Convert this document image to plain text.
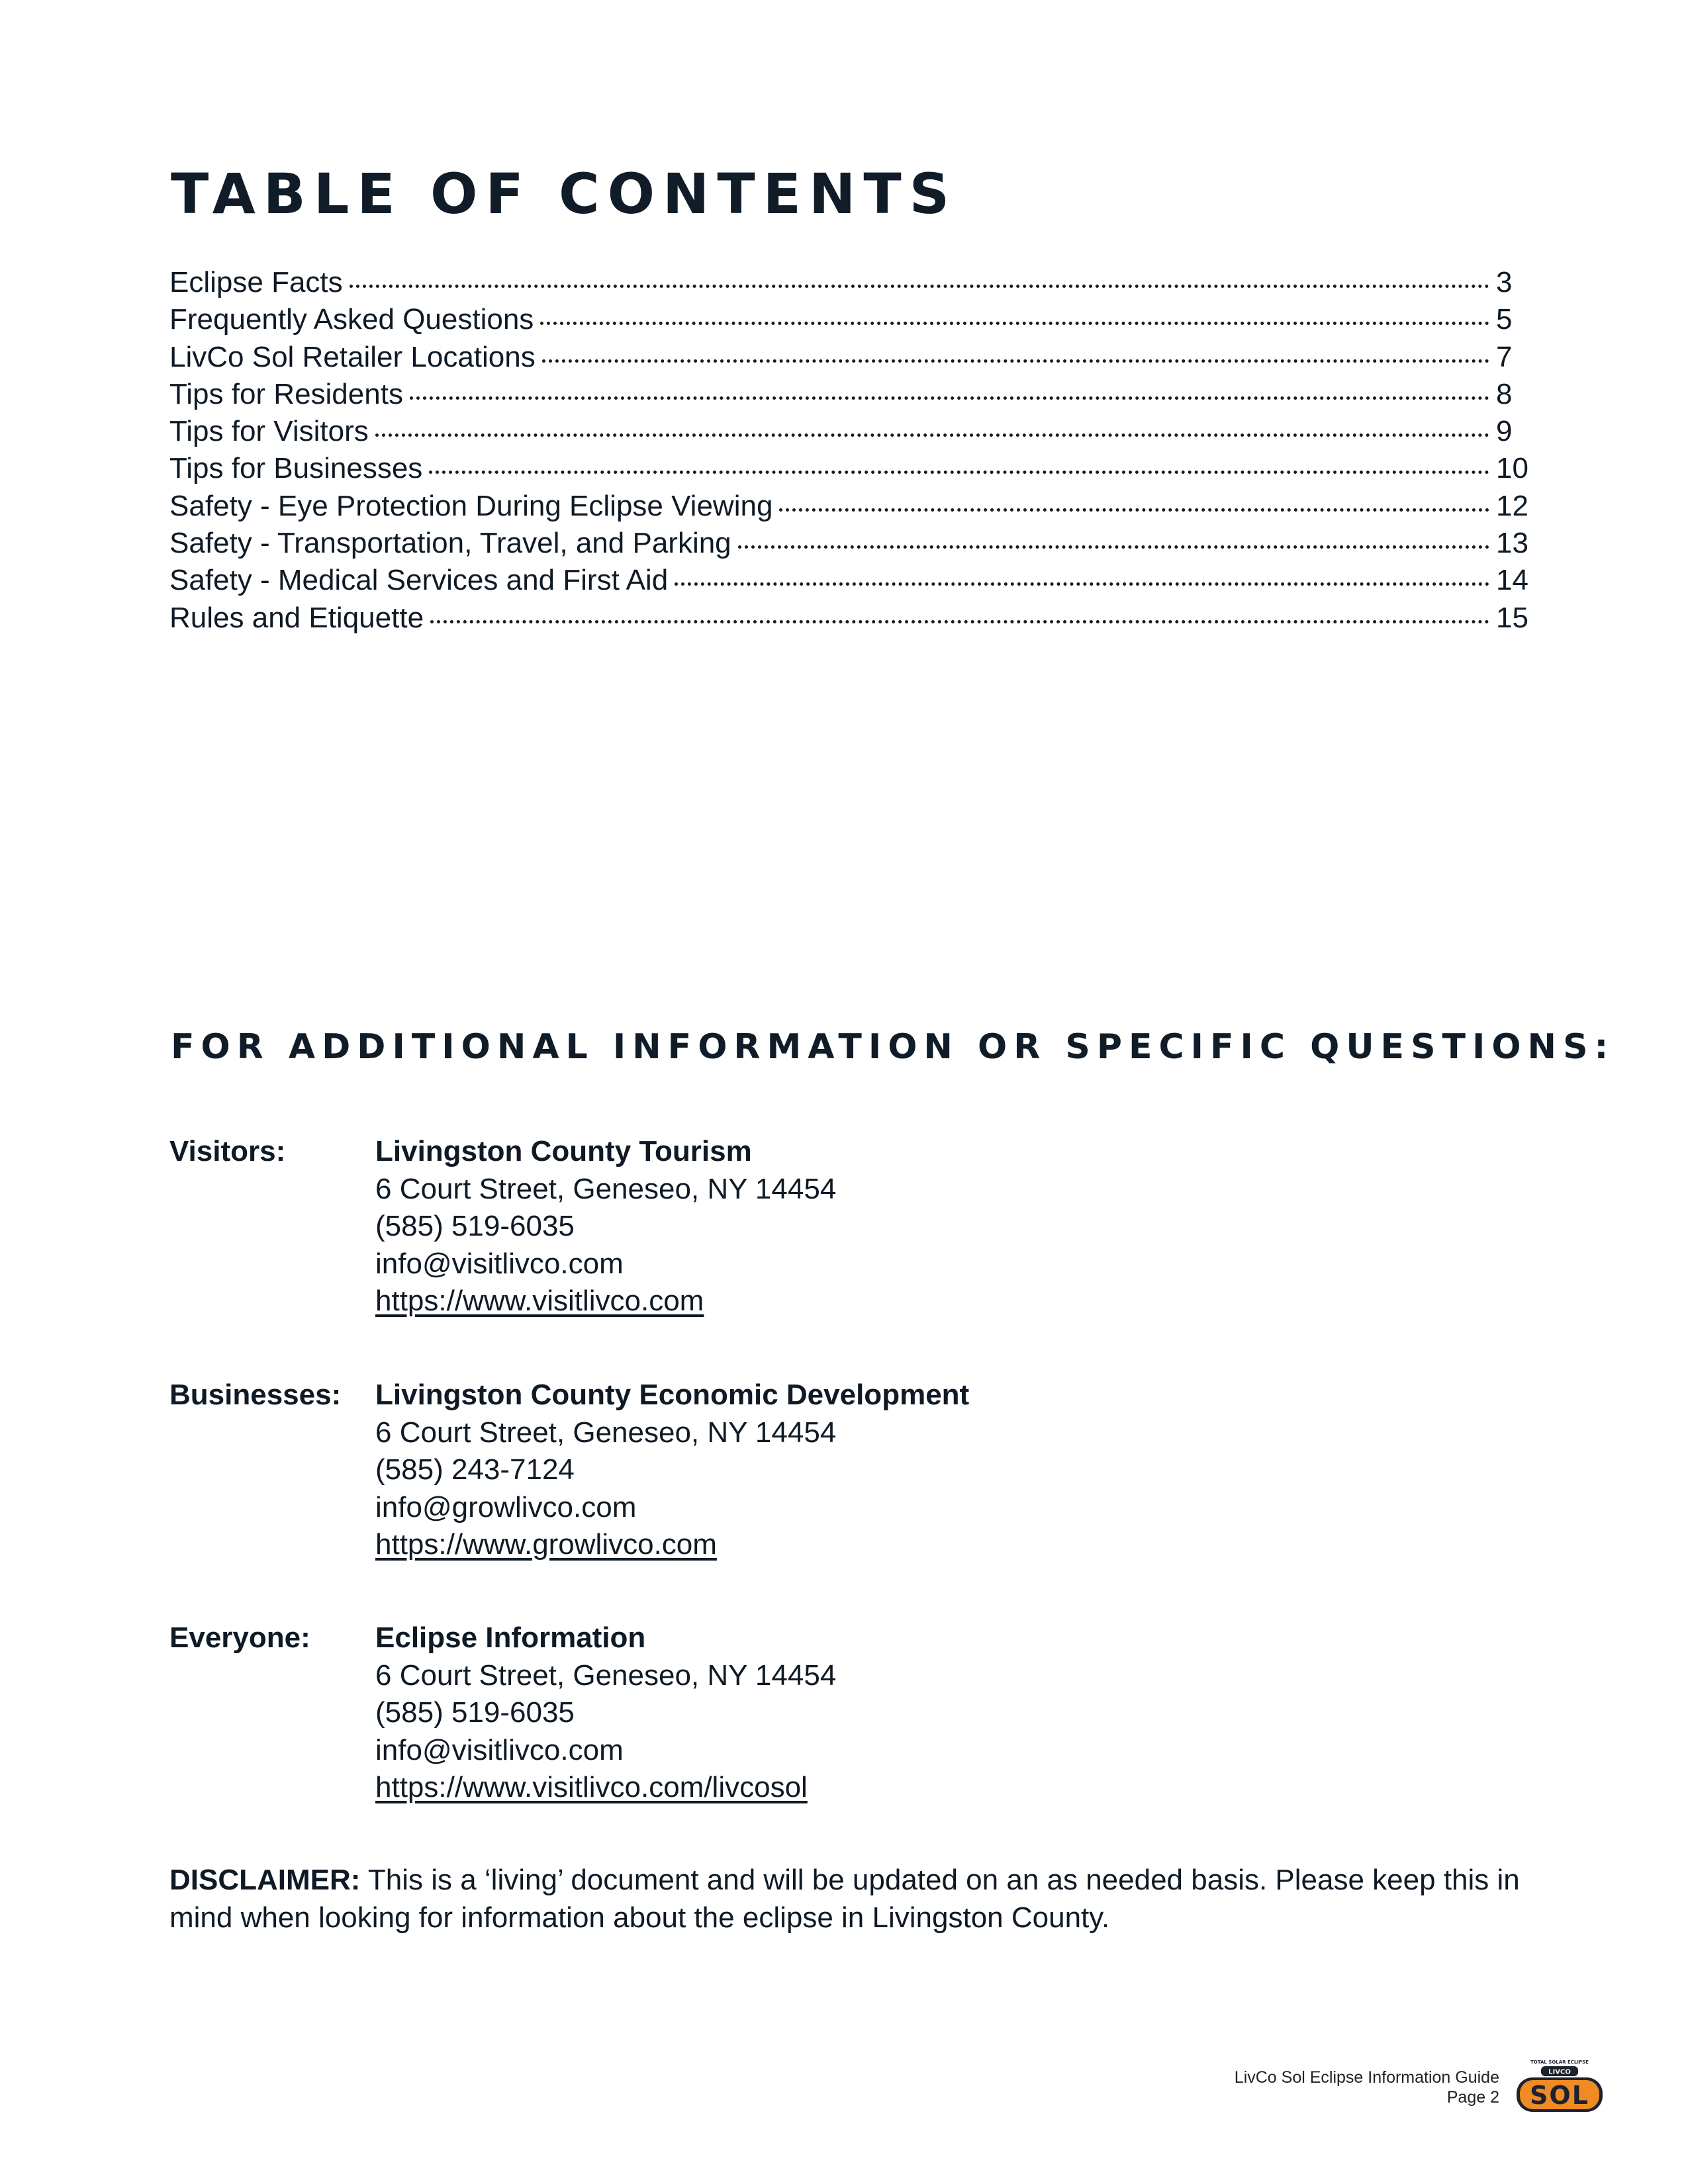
TABLE OF CONTENTS
Eclipse Facts	3
Frequently Asked Questions	5
LivCo Sol Retailer Locations	7
Tips for Residents	8
Tips for Visitors	9
Tips for Businesses	10
Safety - Eye Protection During Eclipse Viewing	12
Safety - Transportation, Travel, and Parking	13
Safety - Medical Services and First Aid	14
Rules and Etiquette	15
FOR ADDITIONAL INFORMATION OR SPECIFIC QUESTIONS:
Visitors:	Livingston County Tourism
6 Court Street, Geneseo, NY 14454
(585) 519-6035
info@visitlivco.com
https://www.visitlivco.com
Businesses: Livingston County Economic Development
6 Court Street, Geneseo, NY 14454
(585) 243-7124
info@growlivco.com
https://www.growlivco.com
Everyone: Eclipse Information
6 Court Street, Geneseo, NY 14454
(585) 519-6035
info@visitlivco.com
https://www.visitlivco.com/livcosol

DISCLAIMER: This is a ‘living’ document and will be updated on an as needed basis. Please keep this in mind when looking for information about the eclipse in Livingston County.

LivCo Sol Eclipse Information Guide
Page 2
TOTAL SOLAR ECLIPSE
LIVCO
SOL
